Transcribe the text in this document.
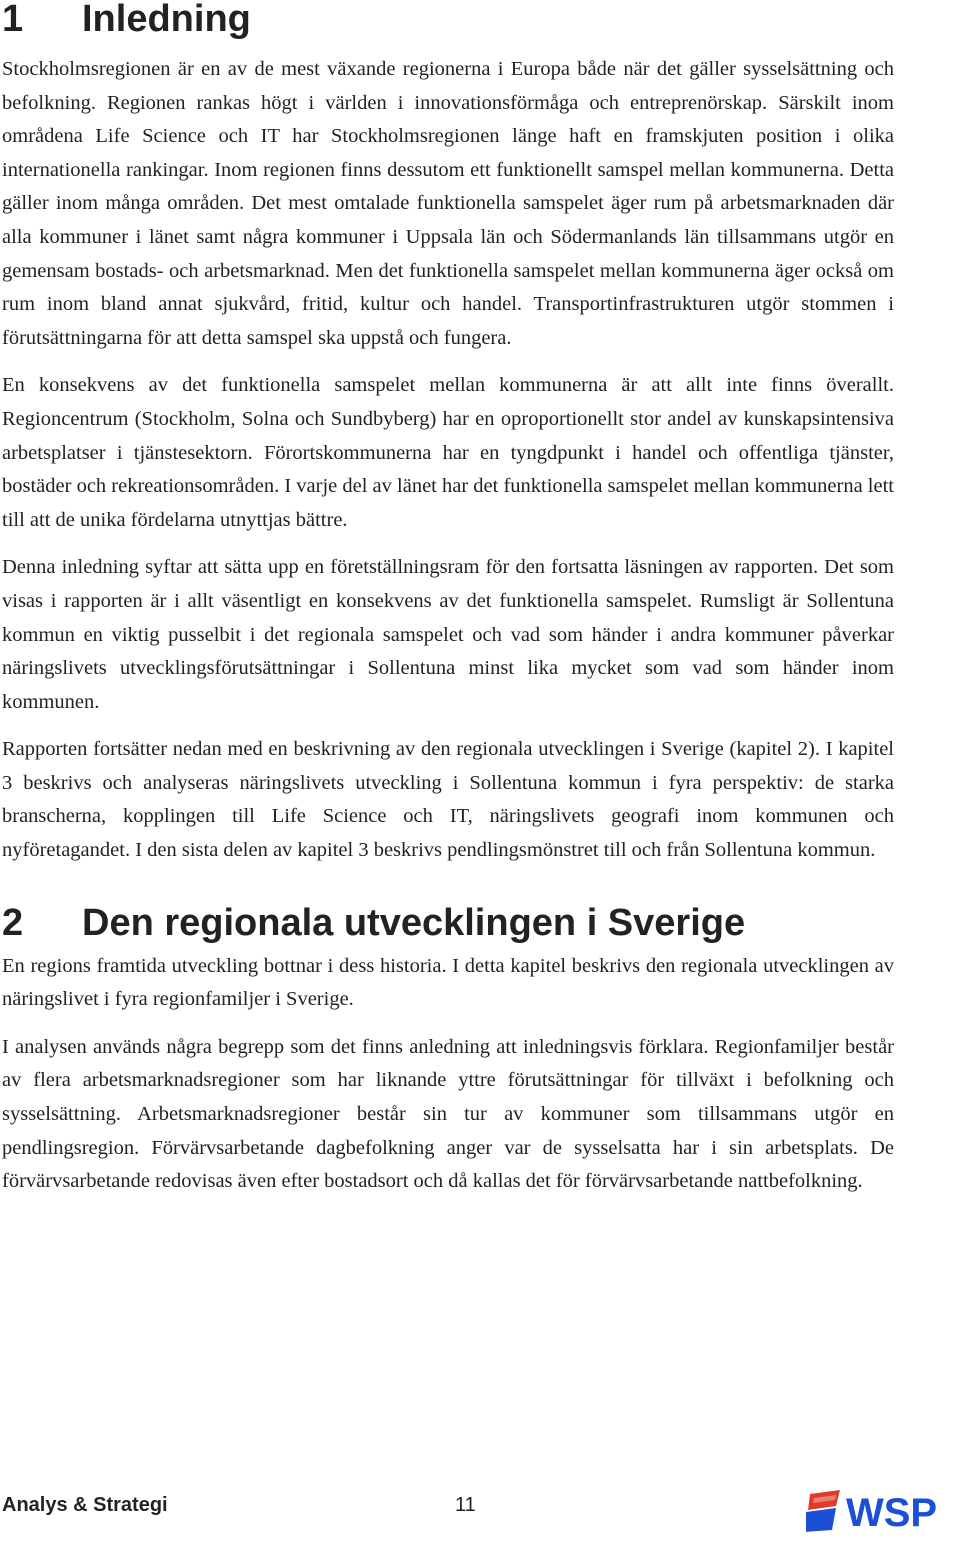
1	Inledning

Stockholmsregionen är en av de mest växande regionerna i Europa både när det gäller sysselsättning och befolkning. Regionen rankas högt i världen i innovationsförmåga och entreprenörskap. Särskilt inom områdena Life Science och IT har Stockholmsregionen länge haft en framskjuten position i olika internationella rankingar. Inom regionen finns dessutom ett funktionellt samspel mellan kommunerna. Detta gäller inom många områden. Det mest omtalade funktionella samspelet äger rum på arbetsmarknaden där alla kommuner i länet samt några kommuner i Uppsala län och Södermanlands län tillsammans utgör en gemensam bostads- och arbetsmarknad. Men det funktionella samspelet mellan kommunerna äger också om rum inom bland annat sjukvård, fritid, kultur och handel. Transportinfrastrukturen utgör stommen i förutsättningarna för att detta samspel ska uppstå och fungera.

En konsekvens av det funktionella samspelet mellan kommunerna är att allt inte finns överallt. Regioncentrum (Stockholm, Solna och Sundbyberg) har en oproportionellt stor andel av kunskapsintensiva arbetsplatser i tjänstesektorn. Förortskommunerna har en tyngdpunkt i handel och offentliga tjänster, bostäder och rekreationsområden. I varje del av länet har det funktionella samspelet mellan kommunerna lett till att de unika fördelarna utnyttjas bättre.

Denna inledning syftar att sätta upp en företställningsram för den fortsatta läsningen av rapporten. Det som visas i rapporten är i allt väsentligt en konsekvens av det funktionella samspelet. Rumsligt är Sollentuna kommun en viktig pusselbit i det regionala samspelet och vad som händer i andra kommuner påverkar näringslivets utvecklingsförutsättningar i Sollentuna minst lika mycket som vad som händer inom kommunen.

Rapporten fortsätter nedan med en beskrivning av den regionala utvecklingen i Sverige (kapitel 2). I kapitel 3 beskrivs och analyseras näringslivets utveckling i Sollentuna kommun i fyra perspektiv: de starka branscherna, kopplingen till Life Science och IT, näringslivets geografi inom kommunen och nyföretagandet. I den sista delen av kapitel 3 beskrivs pendlingsmönstret till och från Sollentuna kommun.

2	Den regionala utvecklingen i Sverige

En regions framtida utveckling bottnar i dess historia. I detta kapitel beskrivs den regionala utvecklingen av näringslivet i fyra regionfamiljer i Sverige.

I analysen används några begrepp som det finns anledning att inledningsvis förklara. Regionfamiljer består av flera arbetsmarknadsregioner som har liknande yttre förutsättningar för tillväxt i befolkning och sysselsättning. Arbetsmarknadsregioner består sin tur av kommuner som tillsammans utgör en pendlingsregion. Förvärvsarbetande dagbefolkning anger var de sysselsatta har i sin arbetsplats. De förvärvsarbetande redovisas även efter bostadsort och då kallas det för förvärvsarbetande nattbefolkning.

Analys & Strategi	11	WSP
